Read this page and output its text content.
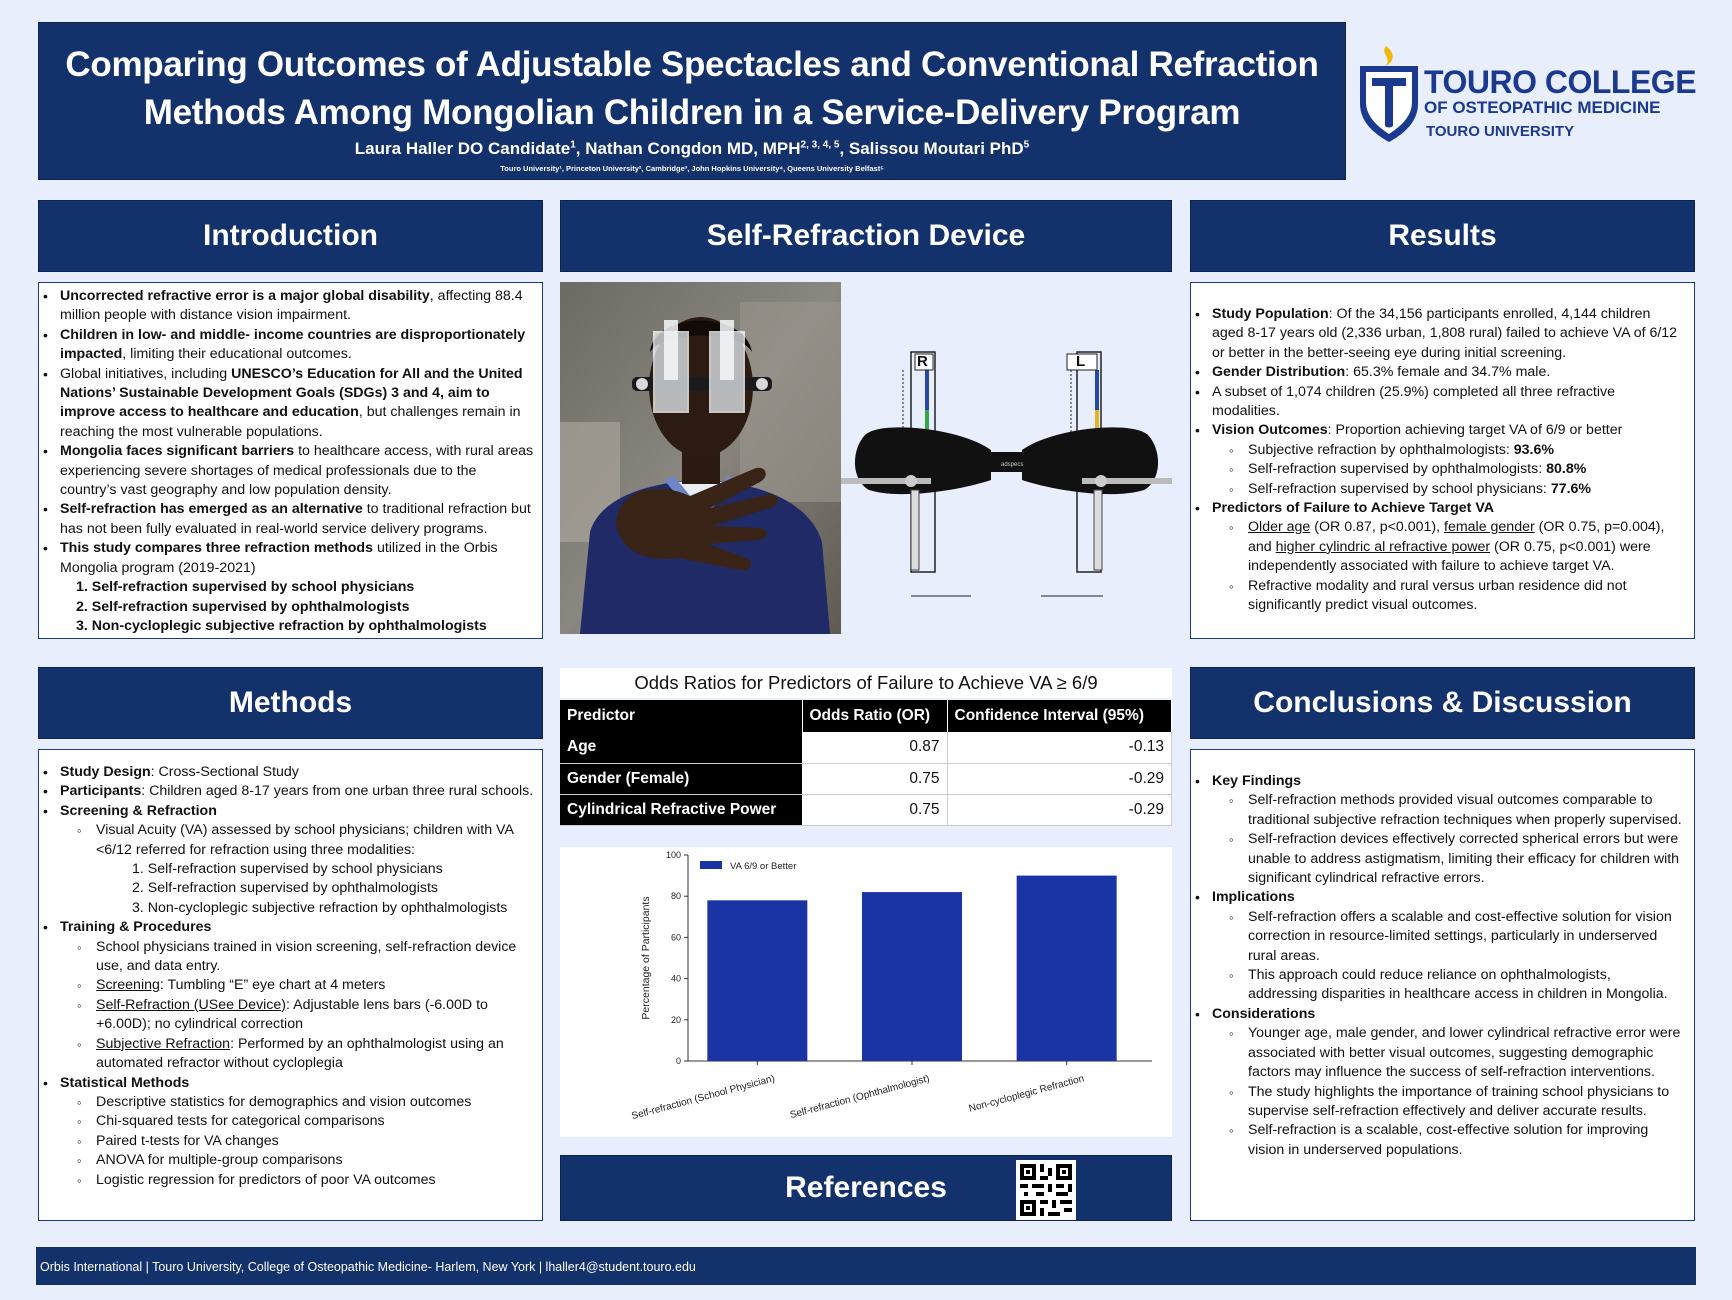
Comparing Outcomes of Adjustable Spectacles and Conventional Refraction
Methods Among Mongolian Children in a Service-Delivery Program
Laura Haller DO Candidate$^1$, Nathan Congdon MD, MPH$^{2, 3, 4, 5}$, Salissou Moutari PhD$^5$
Touro University¹, Princeton University², Cambridge³, John Hopkins University⁴, Queens University Belfast⁵
TOURO COLLEGE
OF OSTEOPATHIC MEDICINE
TOURO UNIVERSITY
Introduction
• Uncorrected refractive error is a major global disability, affecting 88.4 million people with distance vision impairment.
• Children in low- and middle- income countries are disproportionately impacted, limiting their educational outcomes.
• Global initiatives, including UNESCO’s Education for All and the United Nations’ Sustainable Development Goals (SDGs) 3 and 4, aim to improve access to healthcare and education, but challenges remain in reaching the most vulnerable populations.
• Mongolia faces significant barriers to healthcare access, with rural areas experiencing severe shortages of medical professionals due to the country’s vast geography and low population density.
• Self-refraction has emerged as an alternative to traditional refraction but has not been fully evaluated in real-world service delivery programs.
• This study compares three refraction methods utilized in the Orbis Mongolia program (2019-2021)
1. Self-refraction supervised by school physicians
2. Self-refraction supervised by ophthalmologists
3. Non-cycloplegic subjective refraction by ophthalmologists
Self-Refraction Device
R	L
adspecs
Results
• Study Population: Of the 34,156 participants enrolled, 4,144 children aged 8-17 years old (2,336 urban, 1,808 rural) failed to achieve VA of 6/12 or better in the better-seeing eye during initial screening.
• Gender Distribution: 65.3% female and 34.7% male.
• A subset of 1,074 children (25.9%) completed all three refractive modalities.
• Vision Outcomes: Proportion achieving target VA of 6/9 or better
◦ Subjective refraction by ophthalmologists: 93.6%
◦ Self-refraction supervised by ophthalmologists: 80.8%
◦ Self-refraction supervised by school physicians: 77.6%
• Predictors of Failure to Achieve Target VA
◦ Older age (OR 0.87, p<0.001), female gender (OR 0.75, p=0.004), and higher cylindric al refractive power (OR 0.75, p<0.001) were independently associated with failure to achieve target VA.
◦ Refractive modality and rural versus urban residence did not significantly predict visual outcomes.
Methods
• Study Design: Cross-Sectional Study
• Participants: Children aged 8-17 years from one urban three rural schools.
• Screening & Refraction
◦ Visual Acuity (VA) assessed by school physicians; children with VA <6/12 referred for refraction using three modalities:
1. Self-refraction supervised by school physicians
2. Self-refraction supervised by ophthalmologists
3. Non-cycloplegic subjective refraction by ophthalmologists
• Training & Procedures
◦ School physicians trained in vision screening, self-refraction device use, and data entry.
◦ Screening: Tumbling “E” eye chart at 4 meters
◦ Self-Refraction (USee Device): Adjustable lens bars (-6.00D to +6.00D); no cylindrical correction
◦ Subjective Refraction: Performed by an ophthalmologist using an automated refractor without cycloplegia
• Statistical Methods
◦ Descriptive statistics for demographics and vision outcomes
◦ Chi-squared tests for categorical comparisons
◦ Paired t-tests for VA changes
◦ ANOVA for multiple-group comparisons
◦ Logistic regression for predictors of poor VA outcomes
Odds Ratios for Predictors of Failure to Achieve VA ≥ 6/9
Predictor	Odds Ratio (OR)	Confidence Interval (95%)
Age	0.87	-0.13
Gender (Female)	0.75	-0.29
Cylindrical Refractive Power	0.75	-0.29
0
20
40
60
80
100
Percentage of Participants
Self-refraction (School Physician) Self-refraction (Ophthalmologist)	Non-cycloplegic Refraction
VA 6/9 or Better
References
Conclusions & Discussion
• Key Findings
◦ Self-refraction methods provided visual outcomes comparable to traditional subjective refraction techniques when properly supervised.
◦ Self-refraction devices effectively corrected spherical errors but were unable to address astigmatism, limiting their efficacy for children with significant cylindrical refractive errors.
• Implications
◦ Self-refraction offers a scalable and cost-effective solution for vision correction in resource-limited settings, particularly in underserved rural areas.
◦ This approach could reduce reliance on ophthalmologists, addressing disparities in healthcare access in children in Mongolia.
• Considerations
◦ Younger age, male gender, and lower cylindrical refractive error were associated with better visual outcomes, suggesting demographic factors may influence the success of self-refraction interventions.
◦ The study highlights the importance of training school physicians to supervise self-refraction effectively and deliver accurate results.
◦ Self-refraction is a scalable, cost-effective solution for improving vision in underserved populations.
Orbis International | Touro University, College of Osteopathic Medicine- Harlem, New York | lhaller4@student.touro.edu
